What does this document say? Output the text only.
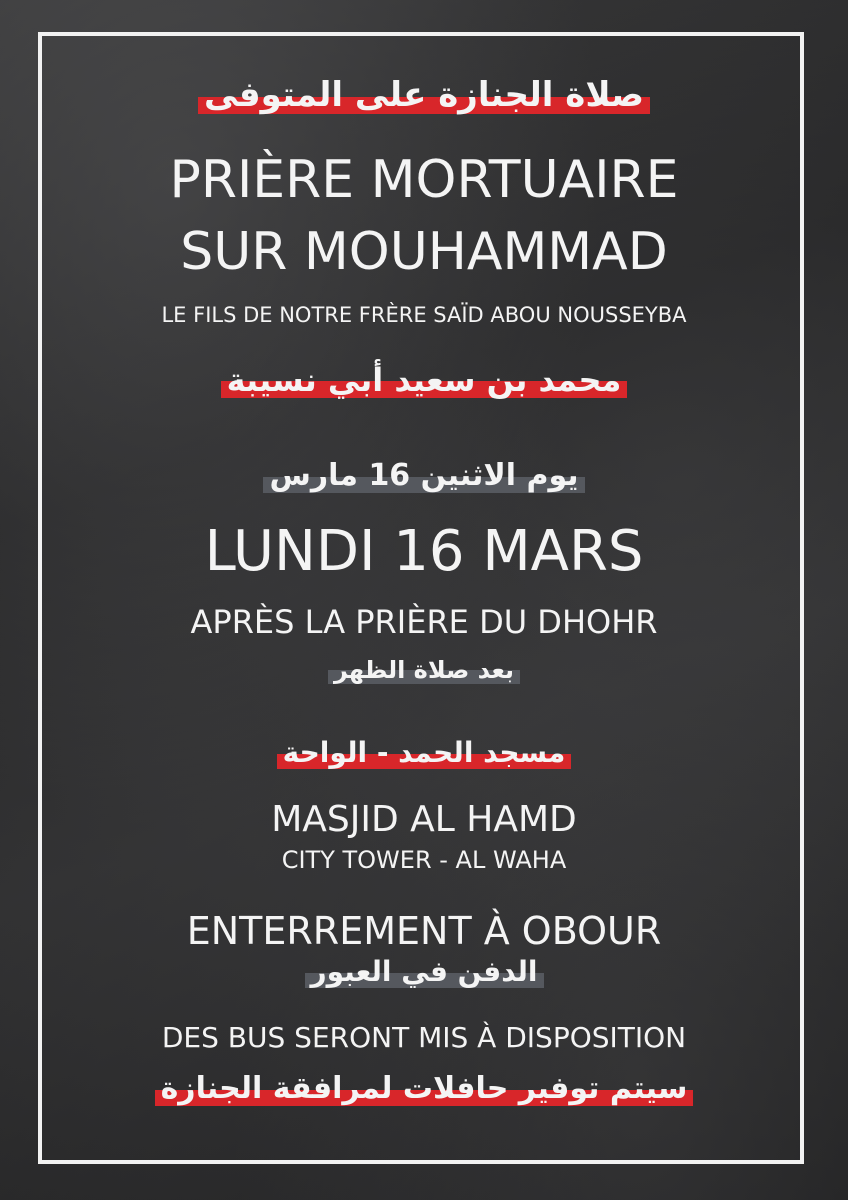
صلاة الجنازة على المتوفى
PRIÈRE MORTUAIRE
SUR MOUHAMMAD
LE FILS DE NOTRE FRÈRE SAÏD ABOU NOUSSEYBA
محمد بن سعيد أبي نسيبة
يوم الاثنين 16 مارس
LUNDI 16 MARS
APRÈS LA PRIÈRE DU DHOHR
بعد صلاة الظهر
مسجد الحمد - الواحة
MASJID AL HAMD
CITY TOWER - AL WAHA
ENTERREMENT À OBOUR
الدفن في العبور
DES BUS SERONT MIS À DISPOSITION
سيتم توفير حافلات لمرافقة الجنازة
